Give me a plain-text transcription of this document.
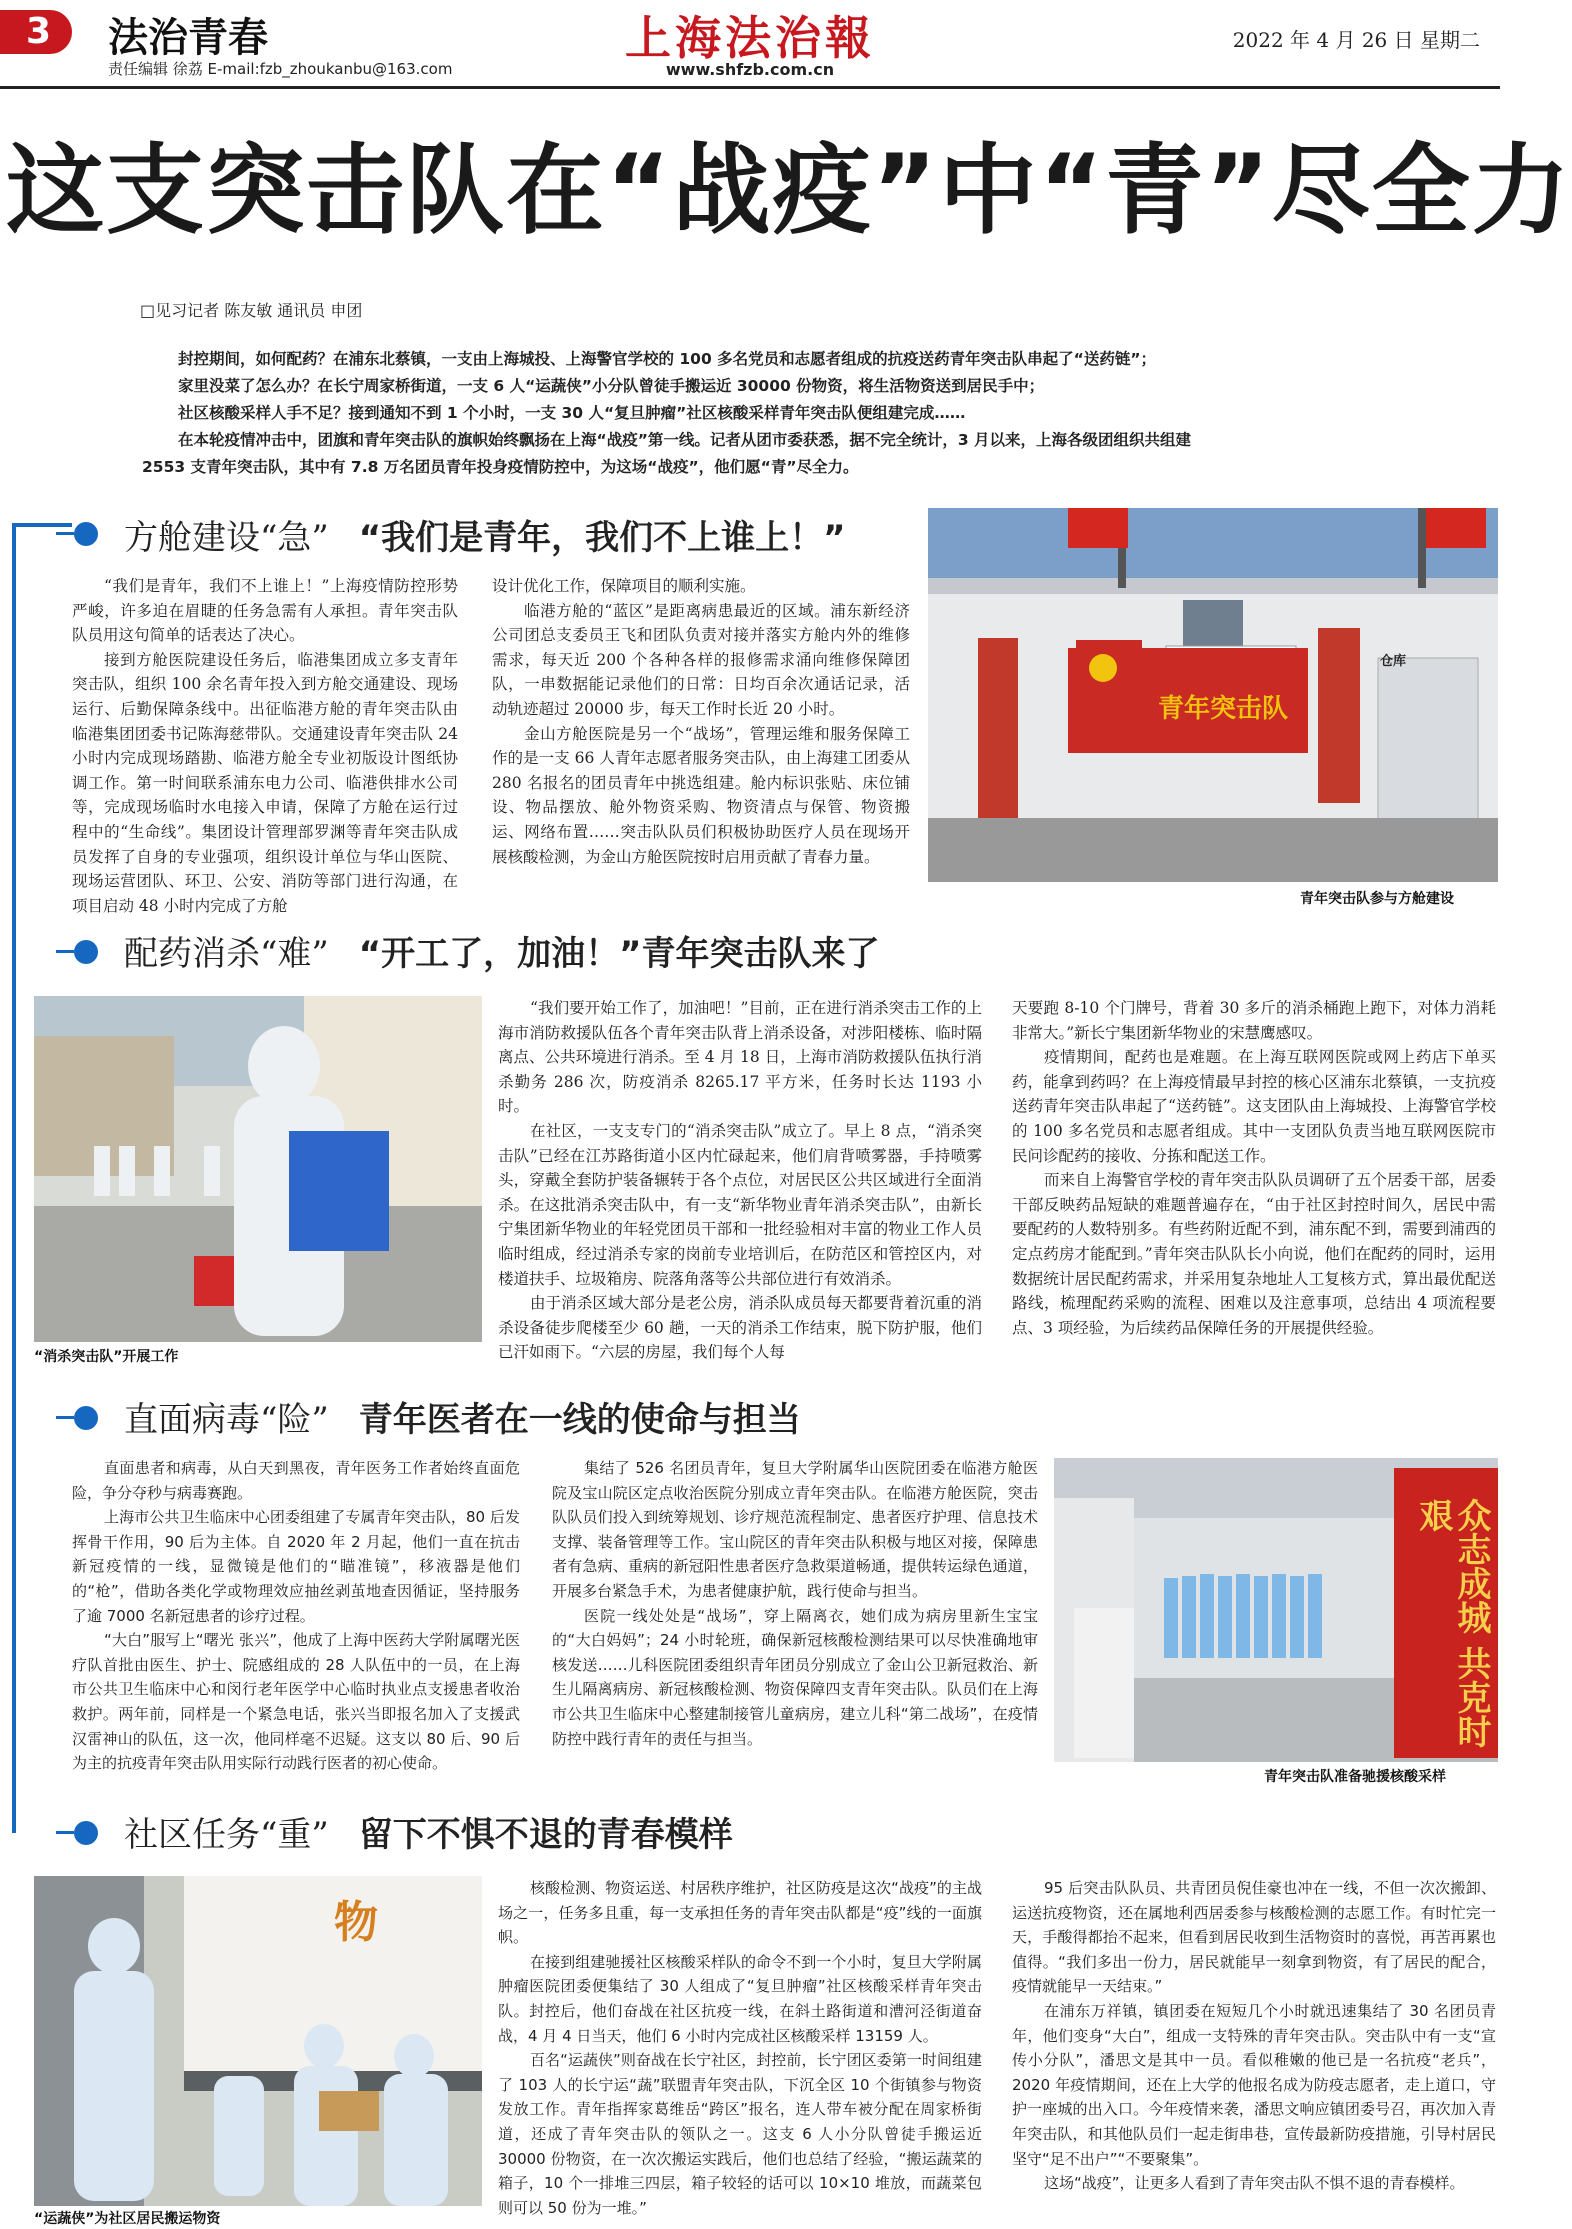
3	法治青春
责任编辑 徐荔 E-mail:fzb_zhoukanbu@163.com
上海法治報
www.shfzb.com.cn
2022 年 4 月 26 日 星期二
这支突击队在“战疫”中“青”尽全力
□见习记者 陈友敏 通讯员 申团

封控期间，如何配药？在浦东北蔡镇，一支由上海城投、上海警官学校的 100 多名党员和志愿者组成的抗疫送药青年突击队串起了“送药链”；

家里没菜了怎么办？在长宁周家桥街道，一支 6 人“运蔬侠”小分队曾徒手搬运近 30000 份物资，将生活物资送到居民手中；

社区核酸采样人手不足？接到通知不到 1 个小时，一支 30 人“复旦肿瘤”社区核酸采样青年突击队便组建完成……

在本轮疫情冲击中，团旗和青年突击队的旗帜始终飘扬在上海“战疫”第一线。记者从团市委获悉，据不完全统计，3 月以来，上海各级团组织共组建

2553 支青年突击队，其中有 7.8 万名团员青年投身疫情防控中，为这场“战疫”，他们愿“青”尽全力。

方舱建设“急” “我们是青年，我们不上谁上！”

“我们是青年，我们不上谁上！”上海疫情防控形势严峻，许多迫在眉睫的任务急需有人承担。青年突击队队员用这句简单的话表达了决心。

接到方舱医院建设任务后，临港集团成立多支青年突击队，组织 100 余名青年投入到方舱交通建设、现场运行、后勤保障条线中。出征临港方舱的青年突击队由临港集团团委书记陈海慈带队。交通建设青年突击队 24 小时内完成现场踏勘、临港方舱全专业初版设计图纸协调工作。第一时间联系浦东电力公司、临港供排水公司等，完成现场临时水电接入申请，保障了方舱在运行过程中的“生命线”。集团设计管理部罗渊等青年突击队成员发挥了自身的专业强项，组织设计单位与华山医院、现场运营团队、环卫、公安、消防等部门进行沟通，在项目启动 48 小时内完成了方舱

设计优化工作，保障项目的顺利实施。

临港方舱的“蓝区”是距离病患最近的区域。浦东新经济公司团总支委员王飞和团队负责对接并落实方舱内外的维修需求，每天近 200 个各种各样的报修需求涌向维修保障团队，一串数据能记录他们的日常：日均百余次通话记录，活动轨迹超过 20000 步，每天工作时长近 20 小时。

金山方舱医院是另一个“战场”，管理运维和服务保障工作的是一支 66 人青年志愿者服务突击队，由上海建工团委从 280 名报名的团员青年中挑选组建。舱内标识张贴、床位铺设、物品摆放、舱外物资采购、物资清点与保管、物资搬运、网络布置……突击队队员们积极协助医疗人员在现场开展核酸检测，为金山方舱医院按时启用贡献了青春力量。

青年突击队
仓库
青年突击队参与方舱建设
配药消杀“难” “开工了，加油！”青年突击队来了
“消杀突击队”开展工作

“我们要开始工作了，加油吧！”目前，正在进行消杀突击工作的上海市消防救援队伍各个青年突击队背上消杀设备，对涉阳楼栋、临时隔离点、公共环境进行消杀。至 4 月 18 日，上海市消防救援队伍执行消杀勤务 286 次，防疫消杀 8265.17 平方米，任务时长达 1193 小时。

在社区，一支支专门的“消杀突击队”成立了。早上 8 点，“消杀突击队”已经在江苏路街道小区内忙碌起来，他们肩背喷雾器，手持喷雾头，穿戴全套防护装备辗转于各个点位，对居民区公共区域进行全面消杀。在这批消杀突击队中，有一支“新华物业青年消杀突击队”，由新长宁集团新华物业的年轻党团员干部和一批经验相对丰富的物业工作人员临时组成，经过消杀专家的岗前专业培训后，在防范区和管控区内，对楼道扶手、垃圾箱房、院落角落等公共部位进行有效消杀。

由于消杀区域大部分是老公房，消杀队成员每天都要背着沉重的消杀设备徒步爬楼至少 60 趟，一天的消杀工作结束，脱下防护服，他们已汗如雨下。“六层的房屋，我们每个人每

天要跑 8-10 个门牌号，背着 30 多斤的消杀桶跑上跑下，对体力消耗非常大。”新长宁集团新华物业的宋慧鹰感叹。

疫情期间，配药也是难题。在上海互联网医院或网上药店下单买药，能拿到药吗？在上海疫情最早封控的核心区浦东北蔡镇，一支抗疫送药青年突击队串起了“送药链”。这支团队由上海城投、上海警官学校的 100 多名党员和志愿者组成。其中一支团队负责当地互联网医院市民问诊配药的接收、分拣和配送工作。

而来自上海警官学校的青年突击队队员调研了五个居委干部，居委干部反映药品短缺的难题普遍存在，“由于社区封控时间久，居民中需要配药的人数特别多。有些药附近配不到，浦东配不到，需要到浦西的定点药房才能配到。”青年突击队队长小向说，他们在配药的同时，运用数据统计居民配药需求，并采用复杂地址人工复核方式，算出最优配送路线，梳理配药采购的流程、困难以及注意事项，总结出 4 项流程要点、3 项经验，为后续药品保障任务的开展提供经验。

直面病毒“险” 青年医者在一线的使命与担当

直面患者和病毒，从白天到黑夜，青年医务工作者始终直面危险，争分夺秒与病毒赛跑。

上海市公共卫生临床中心团委组建了专属青年突击队，80 后发挥骨干作用，90 后为主体。自 2020 年 2 月起，他们一直在抗击新冠疫情的一线，显微镜是他们的“瞄准镜”，移液器是他们的“枪”，借助各类化学或物理效应抽丝剥茧地查因循证，坚持服务了逾 7000 名新冠患者的诊疗过程。

“大白”服写上“曙光 张兴”，他成了上海中医药大学附属曙光医疗队首批由医生、护士、院感组成的 28 人队伍中的一员，在上海市公共卫生临床中心和闵行老年医学中心临时执业点支援患者收治救护。两年前，同样是一个紧急电话，张兴当即报名加入了支援武汉雷神山的队伍，这一次，他同样毫不迟疑。这支以 80 后、90 后为主的抗疫青年突击队用实际行动践行医者的初心使命。

集结了 526 名团员青年，复旦大学附属华山医院团委在临港方舱医院及宝山院区定点收治医院分别成立青年突击队。在临港方舱医院，突击队队员们投入到统筹规划、诊疗规范流程制定、患者医疗护理、信息技术支撑、装备管理等工作。宝山院区的青年突击队积极与地区对接，保障患者有急病、重病的新冠阳性患者医疗急救渠道畅通，提供转运绿色通道，开展多台紧急手术，为患者健康护航，践行使命与担当。

医院一线处处是“战场”，穿上隔离衣，她们成为病房里新生宝宝的“大白妈妈”；24 小时轮班，确保新冠核酸检测结果可以尽快准确地审核发送……儿科医院团委组织青年团员分别成立了金山公卫新冠救治、新生儿隔离病房、新冠核酸检测、物资保障四支青年突击队。队员们在上海市公共卫生临床中心整建制接管儿童病房，建立儿科“第二战场”，在疫情防控中践行青年的责任与担当。	众志成城 共克时艰
青年突击队准备驰援核酸采样
社区任务“重” 留下不惧不退的青春模样
物
“运蔬侠”为社区居民搬运物资

核酸检测、物资运送、村居秩序维护，社区防疫是这次“战疫”的主战场之一，任务多且重，每一支承担任务的青年突击队都是“疫”线的一面旗帜。

在接到组建驰援社区核酸采样队的命令不到一个小时，复旦大学附属肿瘤医院团委便集结了 30 人组成了“复旦肿瘤”社区核酸采样青年突击队。封控后，他们奋战在社区抗疫一线，在斜土路街道和漕河泾街道奋战，4 月 4 日当天，他们 6 小时内完成社区核酸采样 13159 人。

百名“运蔬侠”则奋战在长宁社区，封控前，长宁团区委第一时间组建了 103 人的长宁运“蔬”联盟青年突击队，下沉全区 10 个街镇参与物资发放工作。青年指挥家葛维岳“跨区”报名，连人带车被分配在周家桥街道，还成了青年突击队的领队之一。这支 6 人小分队曾徒手搬运近 30000 份物资，在一次次搬运实践后，他们也总结了经验，“搬运蔬菜的箱子，10 个一排堆三四层，箱子较轻的话可以 10×10 堆放，而蔬菜包则可以 50 份为一堆。”

95 后突击队队员、共青团员倪佳豪也冲在一线，不但一次次搬卸、运送抗疫物资，还在属地利西居委参与核酸检测的志愿工作。有时忙完一天，手酸得都抬不起来，但看到居民收到生活物资时的喜悦，再苦再累也值得。“我们多出一份力，居民就能早一刻拿到物资，有了居民的配合，疫情就能早一天结束。”

在浦东万祥镇，镇团委在短短几个小时就迅速集结了 30 名团员青年，他们变身“大白”，组成一支特殊的青年突击队。突击队中有一支“宣传小分队”，潘思文是其中一员。看似稚嫩的他已是一名抗疫“老兵”，2020 年疫情期间，还在上大学的他报名成为防疫志愿者，走上道口，守护一座城的出入口。今年疫情来袭，潘思文响应镇团委号召，再次加入青年突击队，和其他队员们一起走街串巷，宣传最新防疫措施，引导村居民坚守“足不出户”“不要聚集”。

这场“战疫”，让更多人看到了青年突击队不惧不退的青春模样。
